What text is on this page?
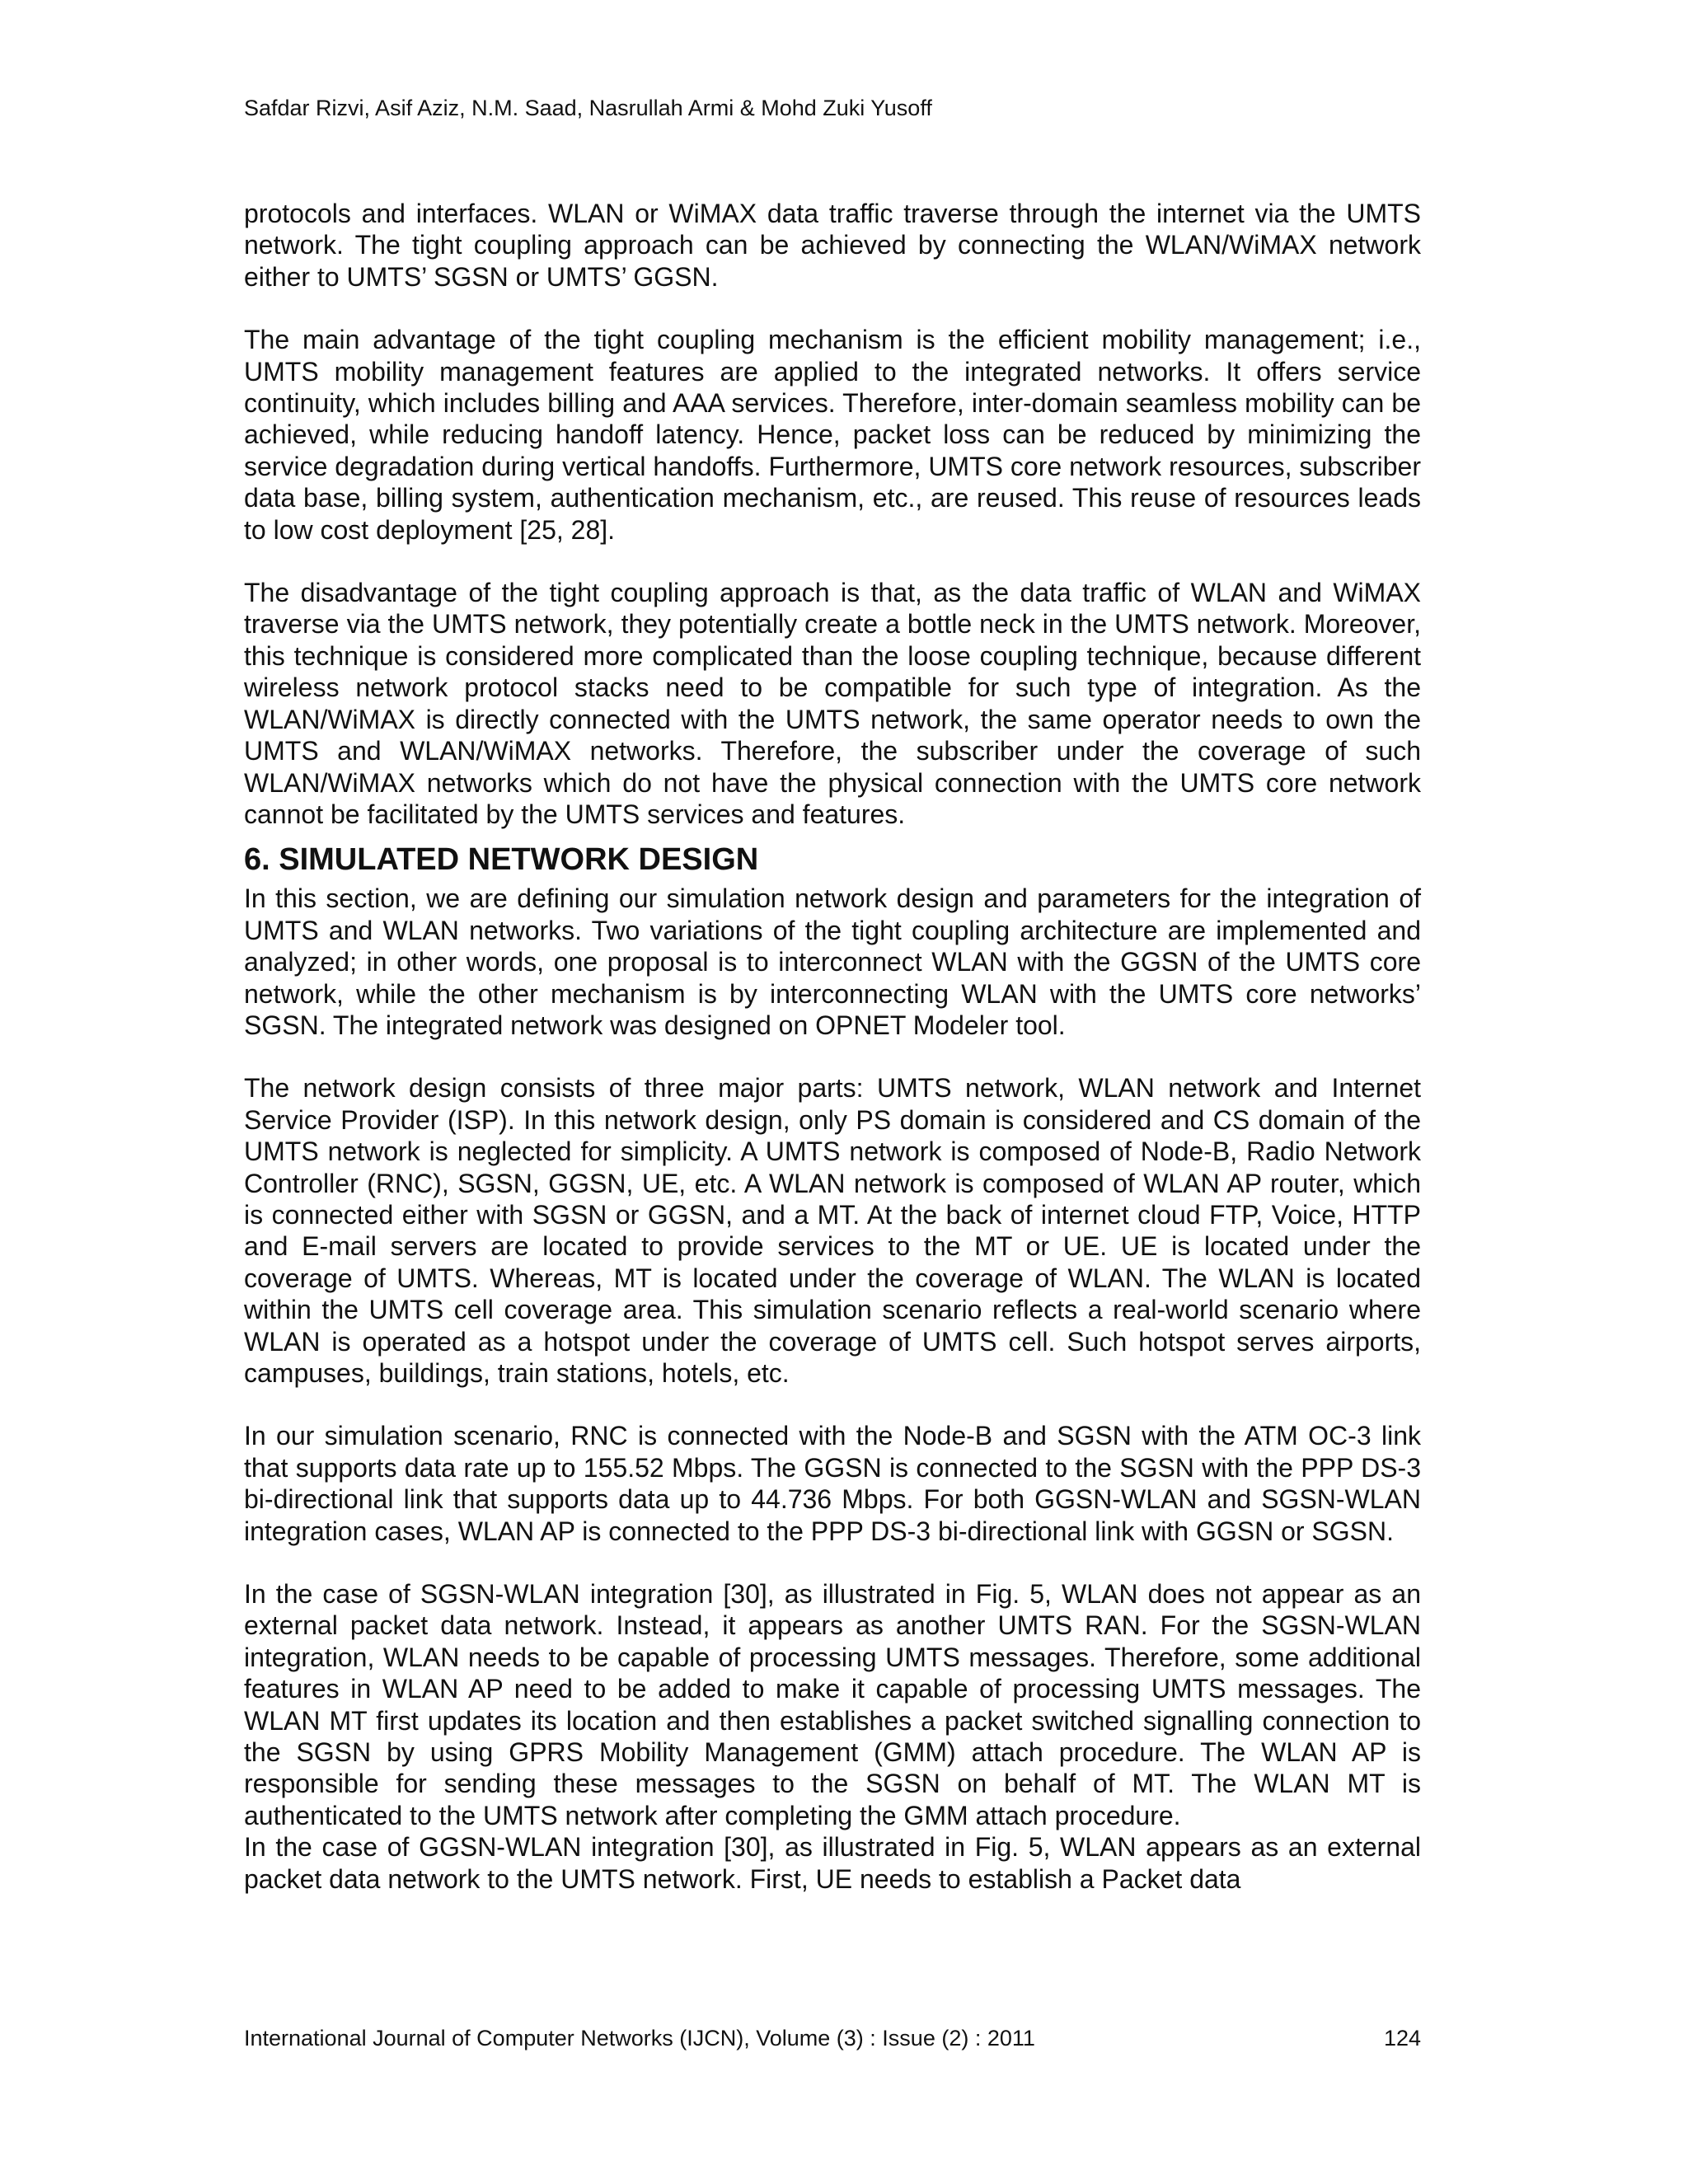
Safdar Rizvi, Asif Aziz, N.M. Saad, Nasrullah Armi & Mohd Zuki Yusoff

protocols and interfaces. WLAN or WiMAX data traffic traverse through the internet via the UMTS network. The tight coupling approach can be achieved by connecting the WLAN/WiMAX network either to UMTS’ SGSN or UMTS’ GGSN.

The main advantage of the tight coupling mechanism is the efficient mobility management; i.e., UMTS mobility management features are applied to the integrated networks. It offers service continuity, which includes billing and AAA services. Therefore, inter-domain seamless mobility can be achieved, while reducing handoff latency. Hence, packet loss can be reduced by minimizing the service degradation during vertical handoffs. Furthermore, UMTS core network resources, subscriber data base, billing system, authentication mechanism, etc., are reused. This reuse of resources leads to low cost deployment [25, 28].

The disadvantage of the tight coupling approach is that, as the data traffic of WLAN and WiMAX traverse via the UMTS network, they potentially create a bottle neck in the UMTS network. Moreover, this technique is considered more complicated than the loose coupling technique, because different wireless network protocol stacks need to be compatible for such type of integration. As the WLAN/WiMAX is directly connected with the UMTS network, the same operator needs to own the UMTS and WLAN/WiMAX networks. Therefore, the subscriber under the coverage of such WLAN/WiMAX networks which do not have the physical connection with the UMTS core network cannot be facilitated by the UMTS services and features.

6. SIMULATED NETWORK DESIGN

In this section, we are defining our simulation network design and parameters for the integration of UMTS and WLAN networks. Two variations of the tight coupling architecture are implemented and analyzed; in other words, one proposal is to interconnect WLAN with the GGSN of the UMTS core network, while the other mechanism is by interconnecting WLAN with the UMTS core networks’ SGSN. The integrated network was designed on OPNET Modeler tool.

The network design consists of three major parts: UMTS network, WLAN network and Internet Service Provider (ISP). In this network design, only PS domain is considered and CS domain of the UMTS network is neglected for simplicity. A UMTS network is composed of Node-B, Radio Network Controller (RNC), SGSN, GGSN, UE, etc. A WLAN network is composed of WLAN AP router, which is connected either with SGSN or GGSN, and a MT. At the back of internet cloud FTP, Voice, HTTP and E-mail servers are located to provide services to the MT or UE. UE is located under the coverage of UMTS. Whereas, MT is located under the coverage of WLAN. The WLAN is located within the UMTS cell coverage area. This simulation scenario reflects a real-world scenario where WLAN is operated as a hotspot under the coverage of UMTS cell. Such hotspot serves airports, campuses, buildings, train stations, hotels, etc.

In our simulation scenario, RNC is connected with the Node-B and SGSN with the ATM OC-3 link that supports data rate up to 155.52 Mbps. The GGSN is connected to the SGSN with the PPP DS-3 bi-directional link that supports data up to 44.736 Mbps. For both GGSN-WLAN and SGSN-WLAN integration cases, WLAN AP is connected to the PPP DS-3 bi-directional link with GGSN or SGSN.

In the case of SGSN-WLAN integration [30], as illustrated in Fig. 5, WLAN does not appear as an external packet data network. Instead, it appears as another UMTS RAN. For the SGSN-WLAN integration, WLAN needs to be capable of processing UMTS messages. Therefore, some additional features in WLAN AP need to be added to make it capable of processing UMTS messages. The WLAN MT first updates its location and then establishes a packet switched signalling connection to the SGSN by using GPRS Mobility Management (GMM) attach procedure. The WLAN AP is responsible for sending these messages to the SGSN on behalf of MT. The WLAN MT is authenticated to the UMTS network after completing the GMM attach procedure.

In the case of GGSN-WLAN integration [30], as illustrated in Fig. 5, WLAN appears as an external packet data network to the UMTS network. First, UE needs to establish a Packet data

International Journal of Computer Networks (IJCN), Volume (3) : Issue (2) : 2011	124
